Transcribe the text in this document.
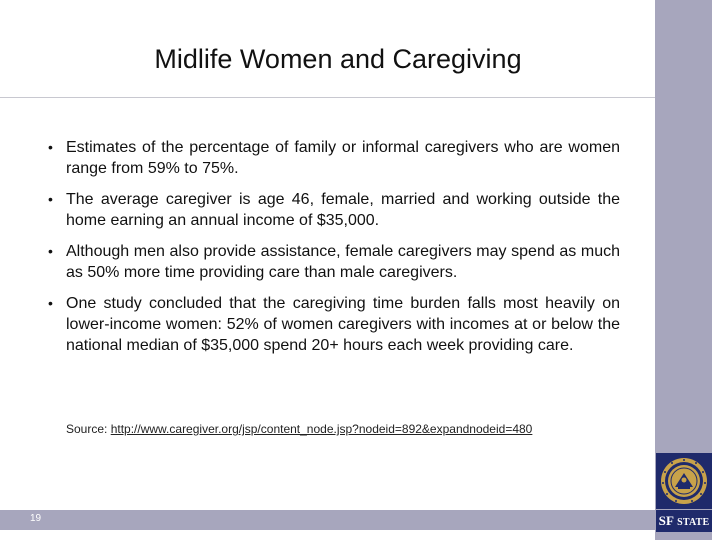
Midlife Women and Caregiving
• Estimates of the percentage of family or informal caregivers who are women range from 59% to 75%.
• The average caregiver is age 46, female, married and working outside the home earning an annual income of $35,000.
• Although men also provide assistance, female caregivers may spend as much as 50% more time providing care than male caregivers.
• One study concluded that the caregiving time burden falls most heavily on lower-income women: 52% of women caregivers with incomes at or below the national median of $35,000 spend 20+ hours each week providing care.
Source: http://www.caregiver.org/jsp/content_node.jsp?nodeid=892&expandnodeid=480
19	SF STATE
